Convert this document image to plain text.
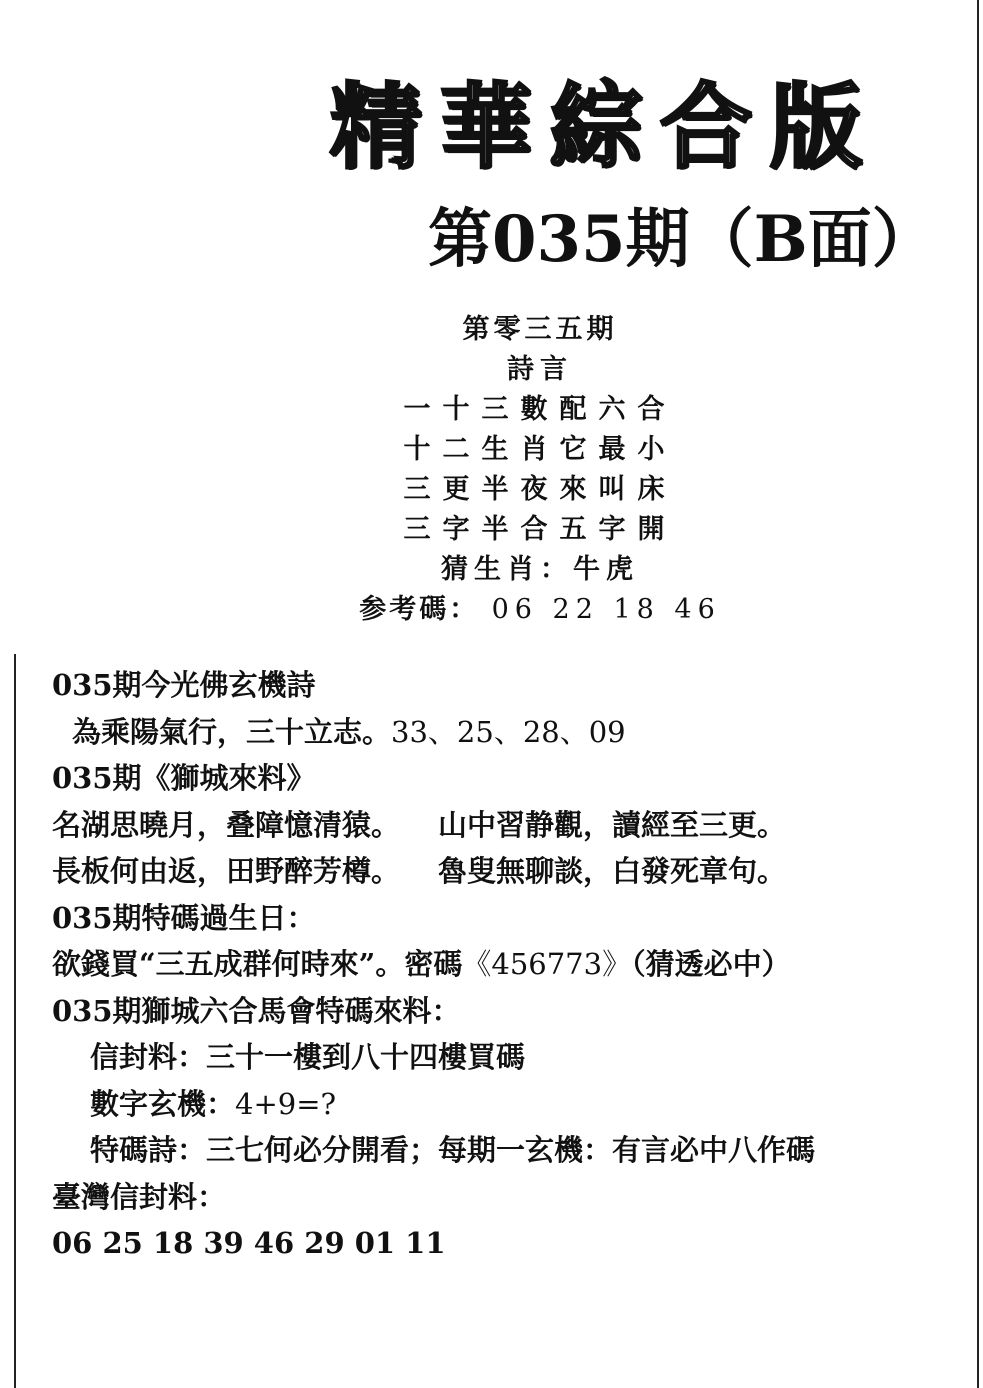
精華綜合版
第035期（B面）
第零三五期
詩言
一十三數配六合
十二生肖它最小
三更半夜來叫床
三字半合五字開
猜生肖：牛虎
参考碼： 06 22 18 46
035期今光佛玄機詩
為乘陽氣行，三十立志。33、25、28、09
035期《獅城來料》
名湖思曉月，叠障憶清猿。 山中習静觀，讀經至三更。
長板何由返，田野醉芳樽。 魯叟無聊談，白發死章句。
035期特碼過生日：
欲錢買“三五成群何時來”。密碼《456773》（猜透必中）
035期獅城六合馬會特碼來料：
信封料：三十一樓到八十四樓買碼
數字玄機：4+9=?
特碼詩：三七何必分開看；每期一玄機：有言必中八作碼
臺灣信封料：
06 25 18 39 46 29 01 11
